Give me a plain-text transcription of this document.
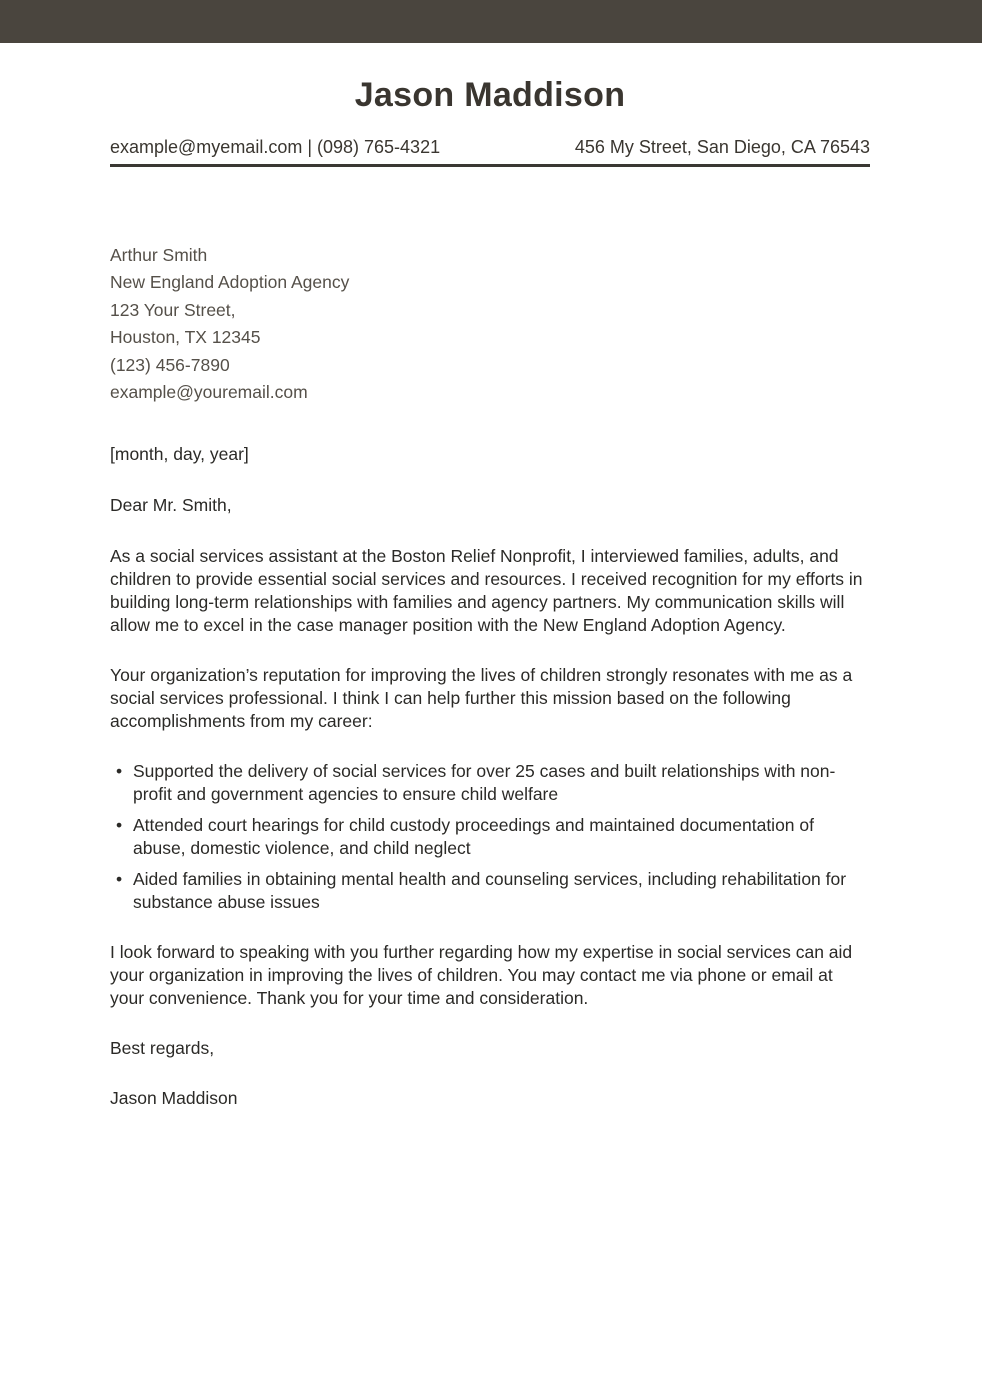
Jason Maddison
example@myemail.com | (098) 765-4321	456 My Street, San Diego, CA 76543
Arthur Smith
New England Adoption Agency
123 Your Street,
Houston, TX 12345
(123) 456-7890
example@youremail.com

[month, day, year]

Dear Mr. Smith,

As a social services assistant at the Boston Relief Nonprofit, I interviewed families, adults, and children to provide essential social services and resources. I received recognition for my efforts in building long-term relationships with families and agency partners. My communication skills will allow me to excel in the case manager position with the New England Adoption Agency.

Your organization’s reputation for improving the lives of children strongly resonates with me as a social services professional. I think I can help further this mission based on the following accomplishments from my career:

• Supported the delivery of social services for over 25 cases and built relationships with non-profit and government agencies to ensure child welfare
• Attended court hearings for child custody proceedings and maintained documentation of abuse, domestic violence, and child neglect
• Aided families in obtaining mental health and counseling services, including rehabilitation for substance abuse issues

I look forward to speaking with you further regarding how my expertise in social services can aid your organization in improving the lives of children. You may contact me via phone or email at your convenience. Thank you for your time and consideration.

Best regards,

Jason Maddison
